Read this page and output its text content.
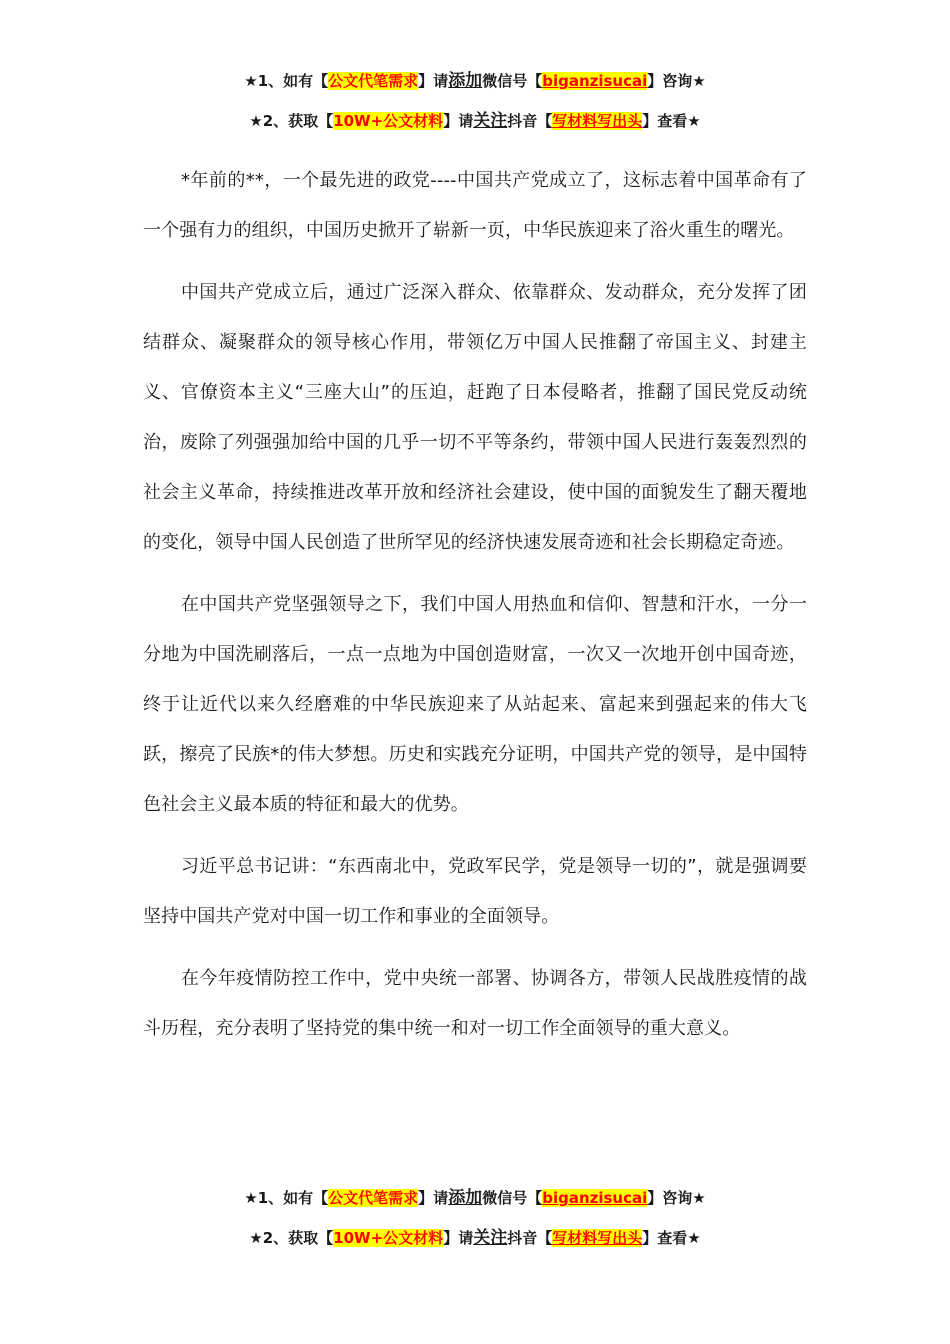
★1、如有【公文代笔需求】请添加微信号【biganzisucai】咨询★
★2、获取【10W+公文材料】请关注抖音【写材料写出头】查看★

*年前的**，一个最先进的政党----中国共产党成立了，这标志着中国革命有了一个强有力的组织，中国历史掀开了崭新一页，中华民族迎来了浴火重生的曙光。

中国共产党成立后，通过广泛深入群众、依靠群众、发动群众，充分发挥了团结群众、凝聚群众的领导核心作用，带领亿万中国人民推翻了帝国主义、封建主义、官僚资本主义“三座大山”的压迫，赶跑了日本侵略者，推翻了国民党反动统治，废除了列强强加给中国的几乎一切不平等条约，带领中国人民进行轰轰烈烈的社会主义革命，持续推进改革开放和经济社会建设，使中国的面貌发生了翻天覆地的变化，领导中国人民创造了世所罕见的经济快速发展奇迹和社会长期稳定奇迹。

在中国共产党坚强领导之下，我们中国人用热血和信仰、智慧和汗水，一分一分地为中国洗刷落后，一点一点地为中国创造财富，一次又一次地开创中国奇迹，终于让近代以来久经磨难的中华民族迎来了从站起来、富起来到强起来的伟大飞跃，擦亮了民族*的伟大梦想。历史和实践充分证明，中国共产党的领导，是中国特色社会主义最本质的特征和最大的优势。

习近平总书记讲：“东西南北中，党政军民学，党是领导一切的”，就是强调要坚持中国共产党对中国一切工作和事业的全面领导。

在今年疫情防控工作中，党中央统一部署、协调各方，带领人民战胜疫情的战斗历程，充分表明了坚持党的集中统一和对一切工作全面领导的重大意义。

★1、如有【公文代笔需求】请添加微信号【biganzisucai】咨询★
★2、获取【10W+公文材料】请关注抖音【写材料写出头】查看★
